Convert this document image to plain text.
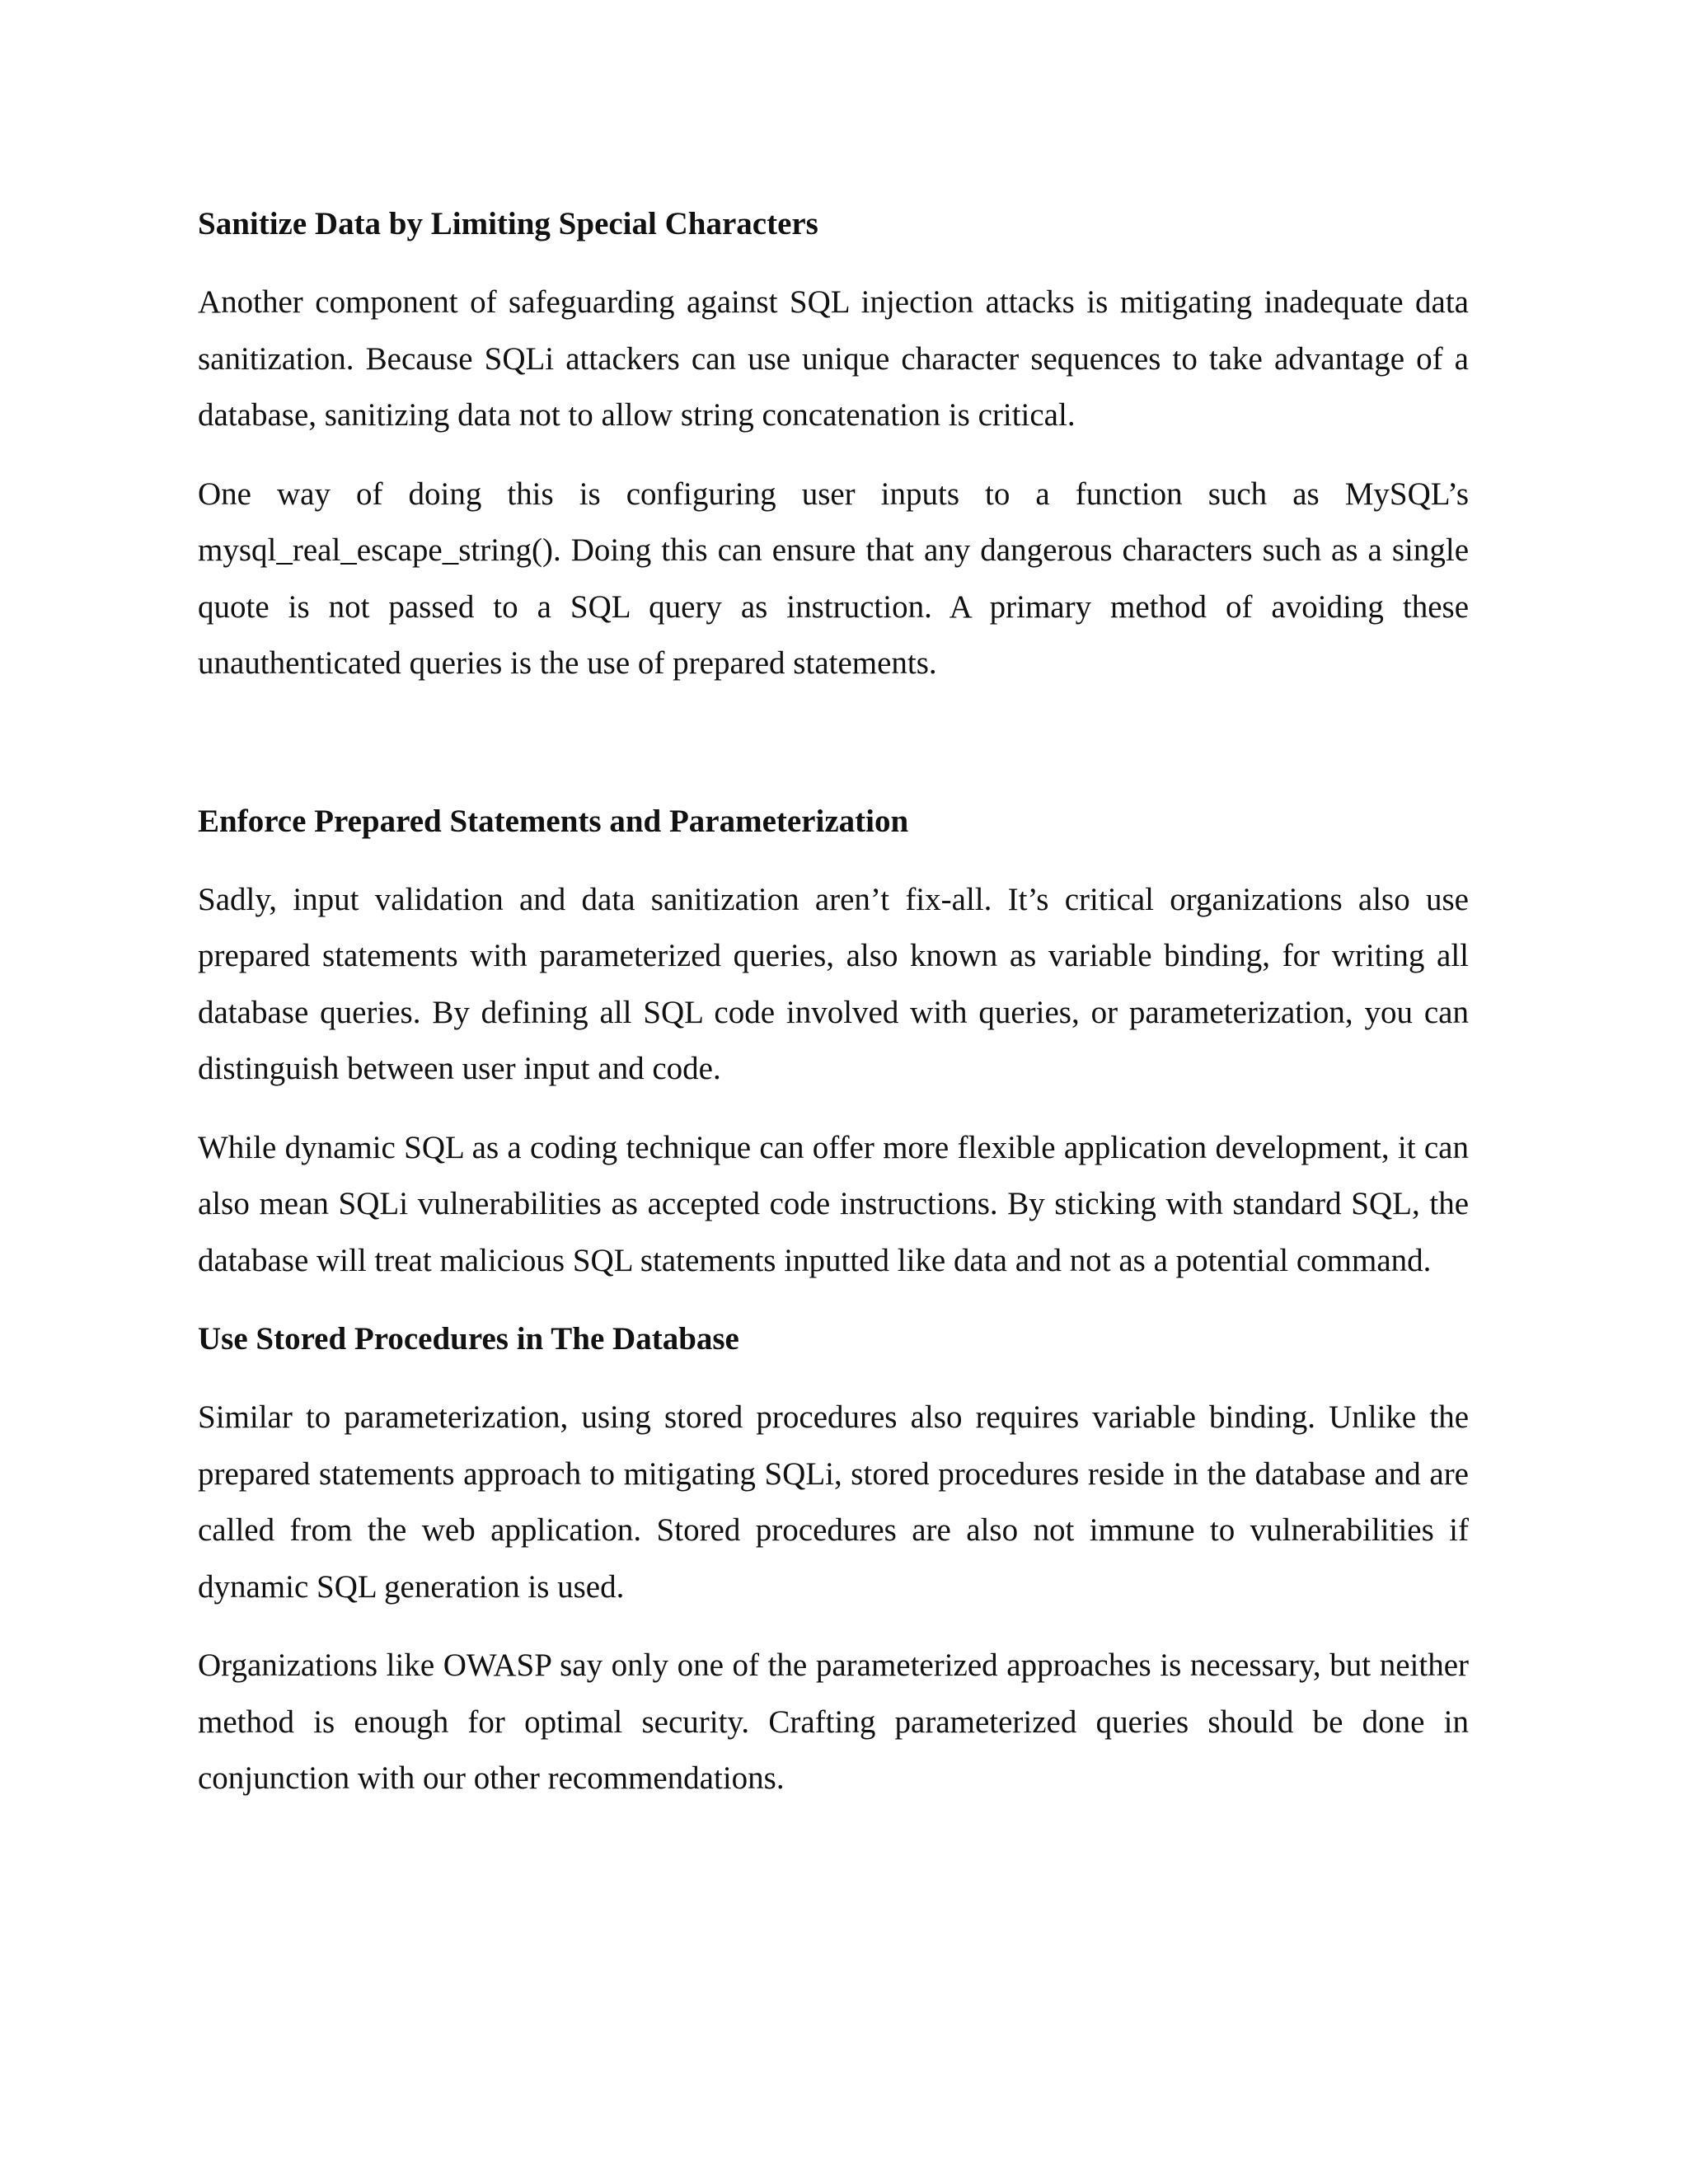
Sanitize Data by Limiting Special Characters

Another component of safeguarding against SQL injection attacks is mitigating inadequate data sanitization. Because SQLi attackers can use unique character sequences to take advantage of a database, sanitizing data not to allow string concatenation is critical.

One way of doing this is configuring user inputs to a function such as MySQL’s mysql_real_escape_string(). Doing this can ensure that any dangerous characters such as a single quote is not passed to a SQL query as instruction. A primary method of avoiding these unauthenticated queries is the use of prepared statements.

Enforce Prepared Statements and Parameterization

Sadly, input validation and data sanitization aren’t fix-all. It’s critical organizations also use prepared statements with parameterized queries, also known as variable binding, for writing all database queries. By defining all SQL code involved with queries, or parameterization, you can distinguish between user input and code.

While dynamic SQL as a coding technique can offer more flexible application development, it can also mean SQLi vulnerabilities as accepted code instructions. By sticking with standard SQL, the database will treat malicious SQL statements inputted like data and not as a potential command.

Use Stored Procedures in The Database

Similar to parameterization, using stored procedures also requires variable binding. Unlike the prepared statements approach to mitigating SQLi, stored procedures reside in the database and are called from the web application. Stored procedures are also not immune to vulnerabilities if dynamic SQL generation is used.

Organizations like OWASP say only one of the parameterized approaches is necessary, but neither method is enough for optimal security. Crafting parameterized queries should be done in conjunction with our other recommendations.
